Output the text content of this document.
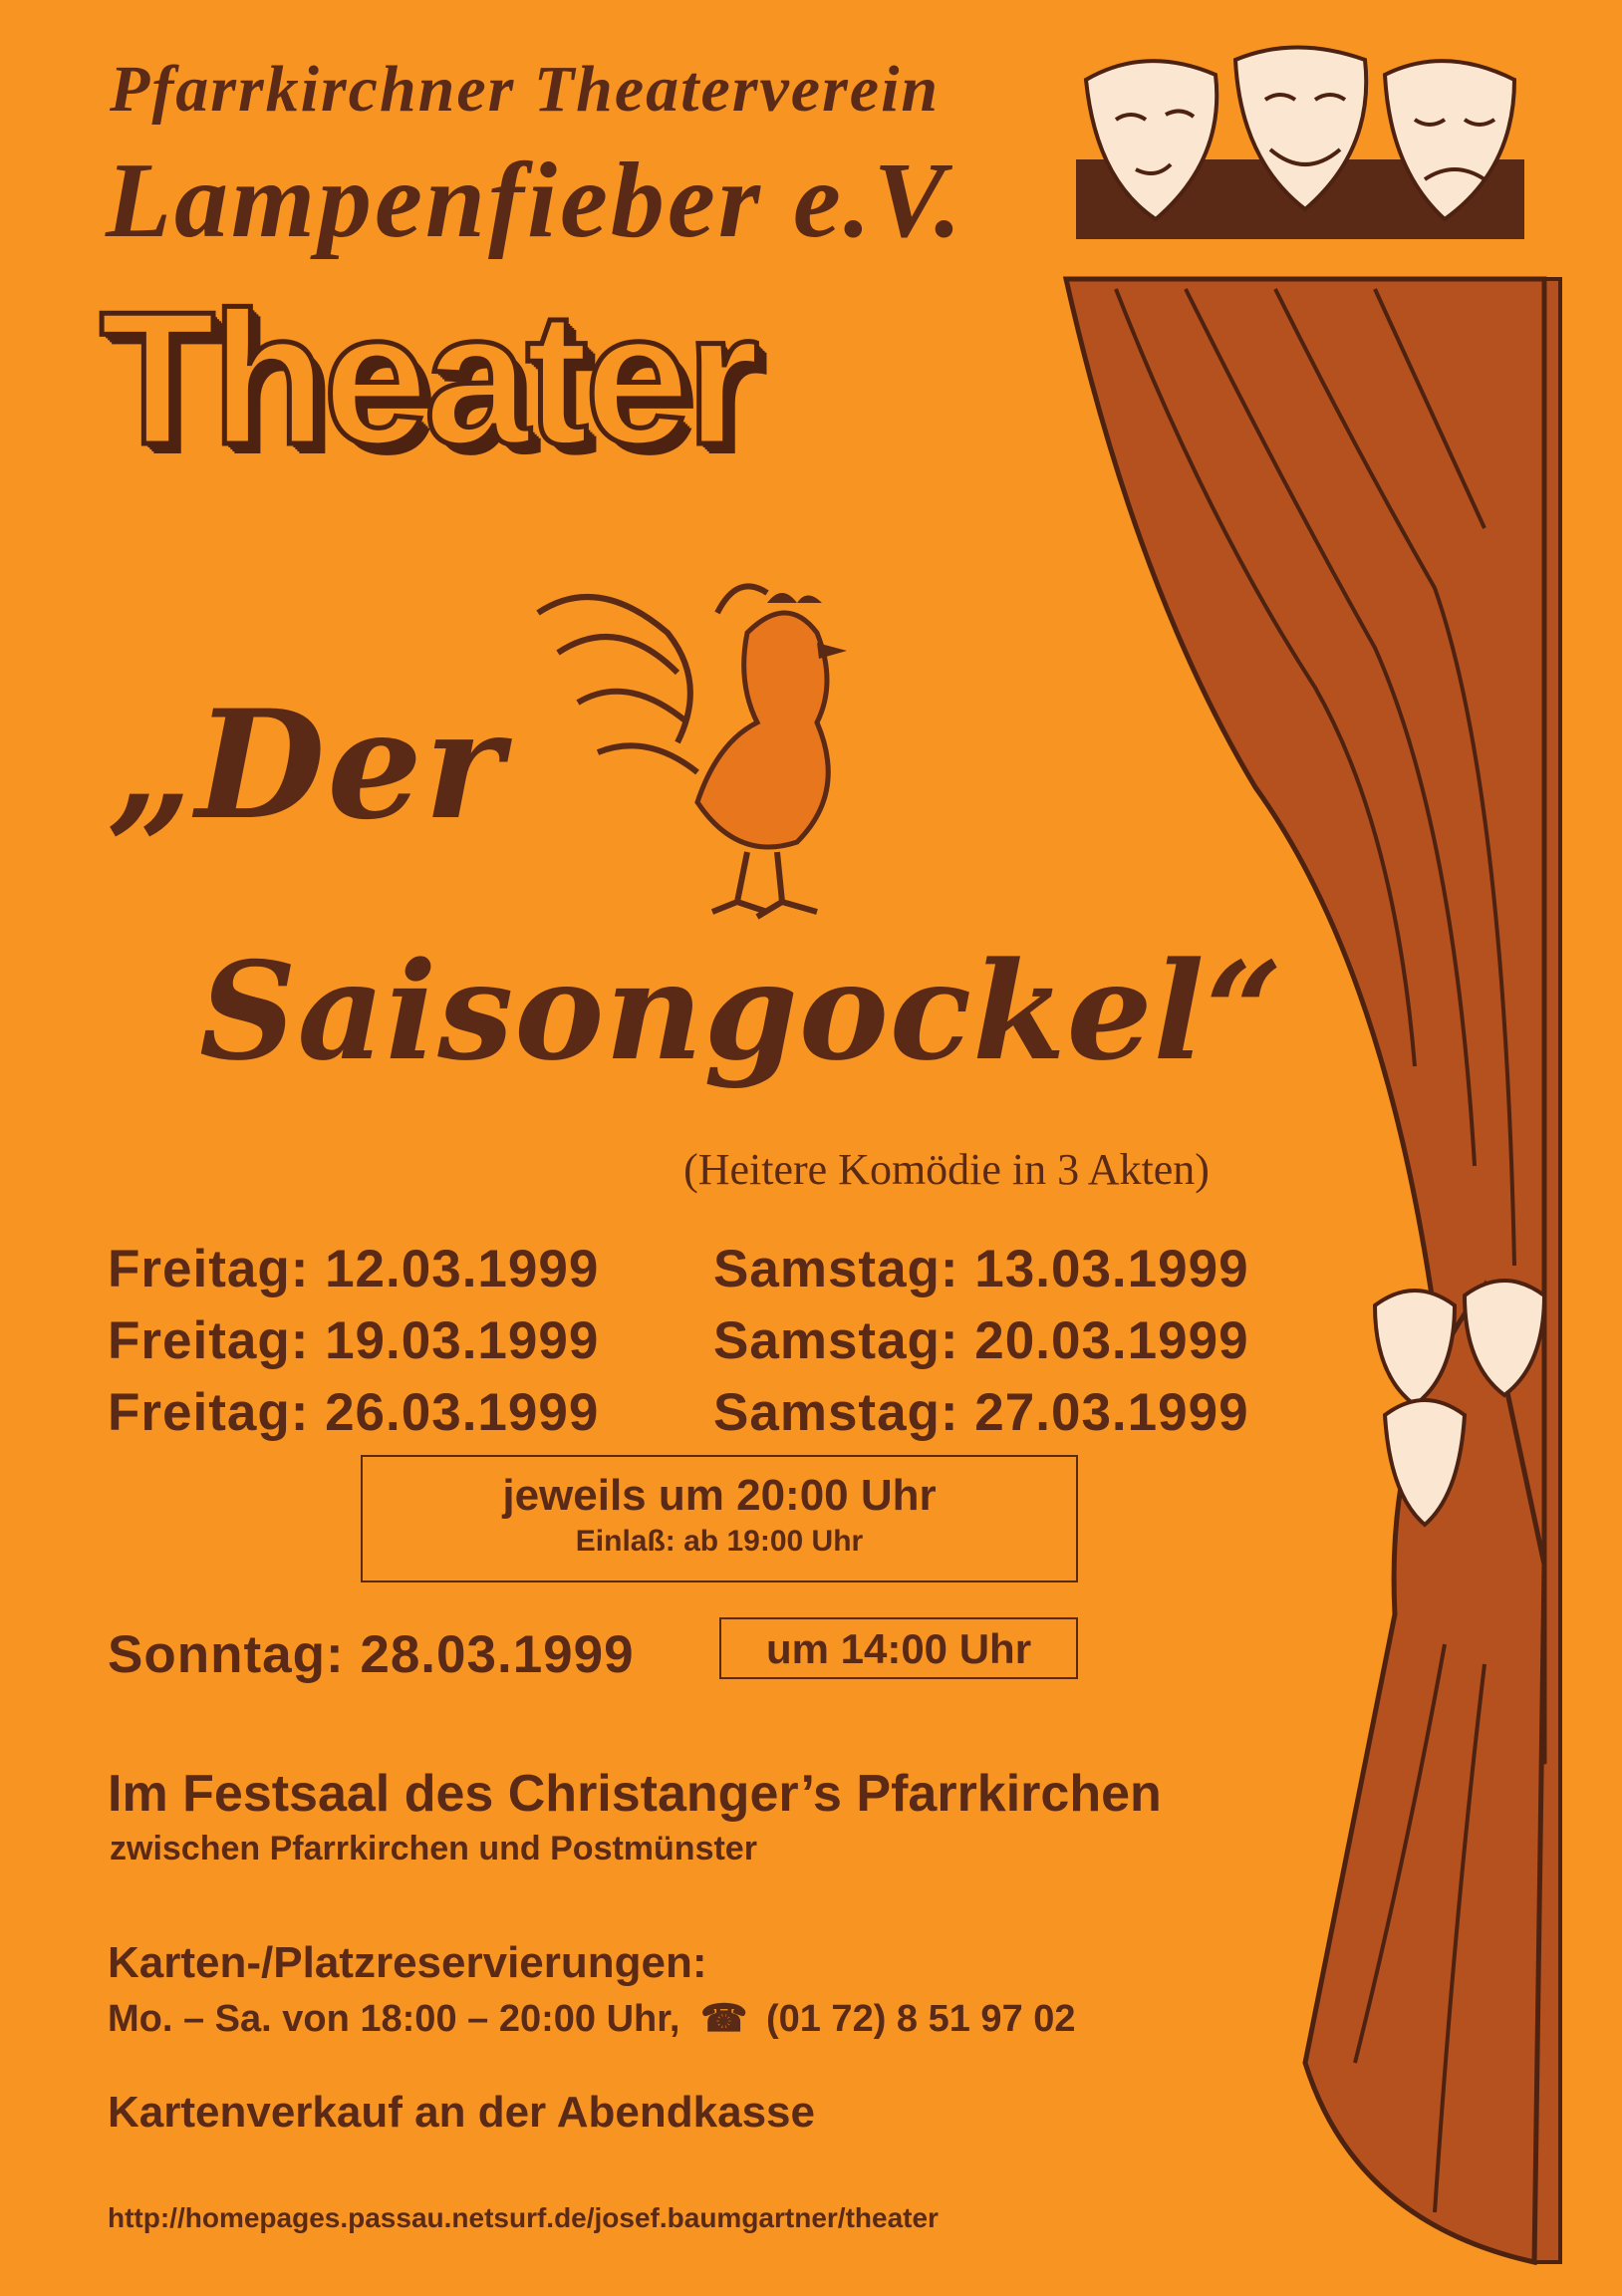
Pfarrkirchner Theaterverein
Lampenfieber e.V.
Theater
„Der
Saisongockel“
(Heitere Komödie in 3 Akten)
Freitag: 12.03.1999 Samstag: 13.03.1999
Freitag: 19.03.1999 Samstag: 20.03.1999
Freitag: 26.03.1999 Samstag: 27.03.1999
jeweils um 20:00 Uhr
Einlaß: ab 19:00 Uhr
Sonntag: 28.03.1999	um 14:00 Uhr
Im Festsaal des Christanger’s Pfarrkirchen
zwischen Pfarrkirchen und Postmünster
Karten-/Platzreservierungen:
Mo. – Sa. von 18:00 – 20:00 Uhr, ☎ (01 72) 8 51 97 02
Kartenverkauf an der Abendkasse
http://homepages.passau.netsurf.de/josef.baumgartner/theater
